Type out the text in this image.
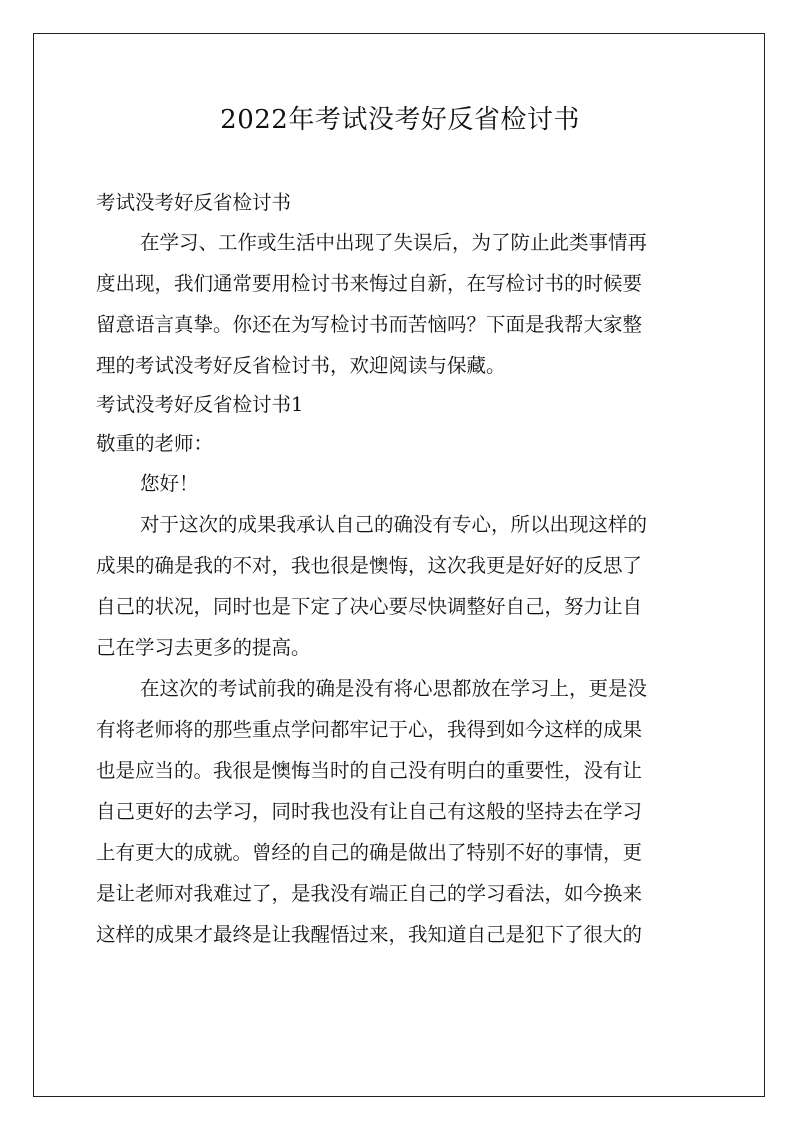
2022年考试没考好反省检讨书
考试没考好反省检讨书
在学习、工作或生活中出现了失误后，为了防止此类事情再
度出现，我们通常要用检讨书来悔过自新，在写检讨书的时候要
留意语言真挚。你还在为写检讨书而苦恼吗？下面是我帮大家整
理的考试没考好反省检讨书，欢迎阅读与保藏。
考试没考好反省检讨书1
敬重的老师：
您好！
对于这次的成果我承认自己的确没有专心，所以出现这样的
成果的确是我的不对，我也很是懊悔，这次我更是好好的反思了
自己的状况，同时也是下定了决心要尽快调整好自己，努力让自
己在学习去更多的提高。
在这次的考试前我的确是没有将心思都放在学习上，更是没
有将老师将的那些重点学问都牢记于心，我得到如今这样的成果
也是应当的。我很是懊悔当时的自己没有明白的重要性，没有让
自己更好的去学习，同时我也没有让自己有这般的坚持去在学习
上有更大的成就。曾经的自己的确是做出了特别不好的事情，更
是让老师对我难过了，是我没有端正自己的学习看法，如今换来
这样的成果才最终是让我醒悟过来，我知道自己是犯下了很大的
